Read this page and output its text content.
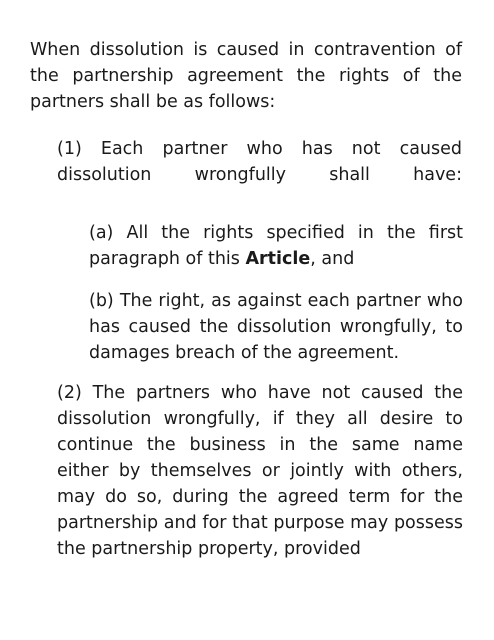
When dissolution is caused in contravention of the partnership agreement the rights of the partners shall be as follows:

(1) Each partner who has not caused
dissolution wrongfully shall have:

(a) All the rights specified in the first paragraph of this Article, and

(b) The right, as against each partner who has caused the dissolution wrongfully, to damages breach of the agreement.

(2) The partners who have not caused the dissolution wrongfully, if they all desire to continue the business in the same name either by themselves or jointly with others, may do so, during the agreed term for the partnership and for that purpose may possess the partnership property, provided
